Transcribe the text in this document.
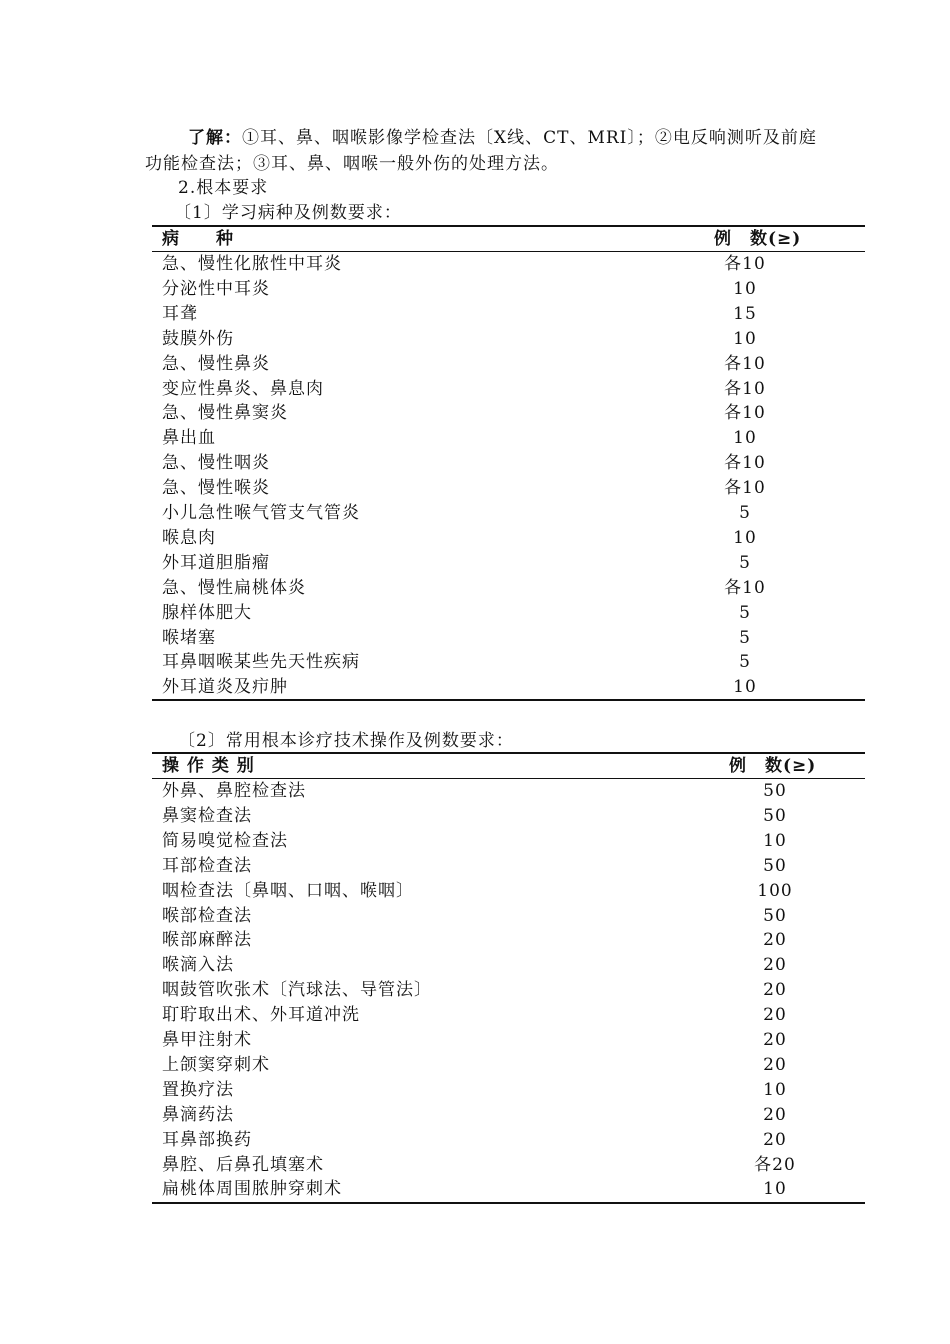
了解：①耳、鼻、咽喉影像学检查法〔X线、CT、MRI〕；②电反响测听及前庭
功能检查法；③耳、鼻、咽喉一般外伤的处理方法。
2.根本要求
〔1〕学习病种及例数要求：
病　　种	例　数(≥)
急、慢性化脓性中耳炎	各10
分泌性中耳炎	10
耳聋	15
鼓膜外伤	10
急、慢性鼻炎	各10
变应性鼻炎、鼻息肉	各10
急、慢性鼻窦炎	各10
鼻出血	10
急、慢性咽炎	各10
急、慢性喉炎	各10
小儿急性喉气管支气管炎	5
喉息肉	10
外耳道胆脂瘤	5
急、慢性扁桃体炎	各10
腺样体肥大	5
喉堵塞	5
耳鼻咽喉某些先天性疾病	5
外耳道炎及疖肿	10
〔2〕常用根本诊疗技术操作及例数要求：
操 作 类 别	例　数(≥)
外鼻、鼻腔检查法	50
鼻窦检查法	50
简易嗅觉检查法	10
耳部检查法	50
咽检查法〔鼻咽、口咽、喉咽〕	100
喉部检查法	50
喉部麻醉法	20
喉滴入法	20
咽鼓管吹张术〔汽球法、导管法〕	20
耵聍取出术、外耳道冲洗	20
鼻甲注射术	20
上颌窦穿刺术	20
置换疗法	10
鼻滴药法	20
耳鼻部换药	20
鼻腔、后鼻孔填塞术	各20
扁桃体周围脓肿穿刺术	10
